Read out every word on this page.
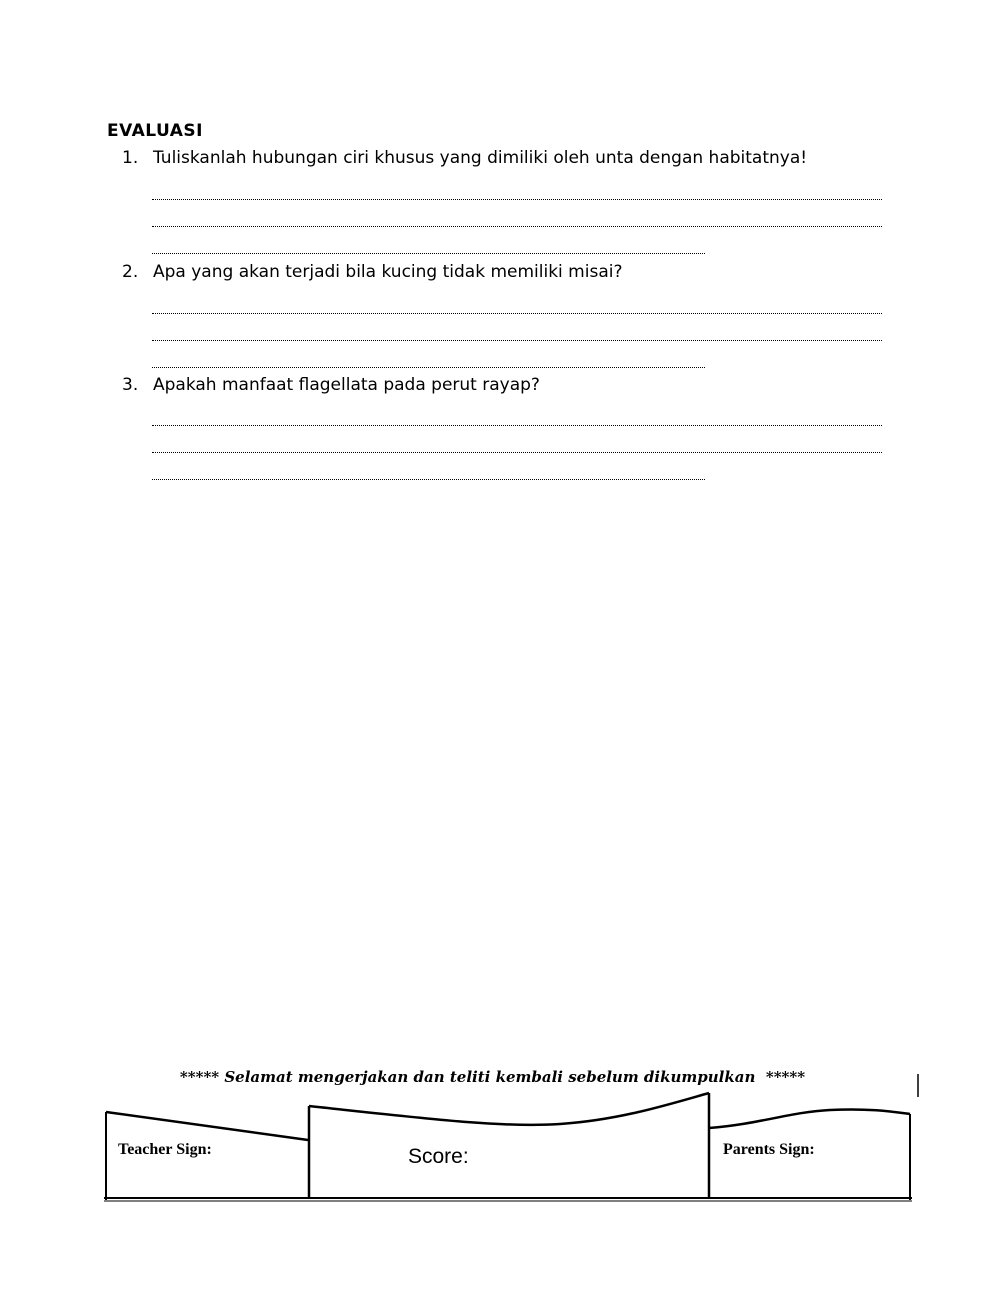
EVALUASI
1. Tuliskanlah hubungan ciri khusus yang dimiliki oleh unta dengan habitatnya!
2. Apa yang akan terjadi bila kucing tidak memiliki misai?
3. Apakah manfaat flagellata pada perut rayap?
***** Selamat mengerjakan dan teliti kembali sebelum dikumpulkan  *****
Teacher Sign:	Score:	Parents Sign:
